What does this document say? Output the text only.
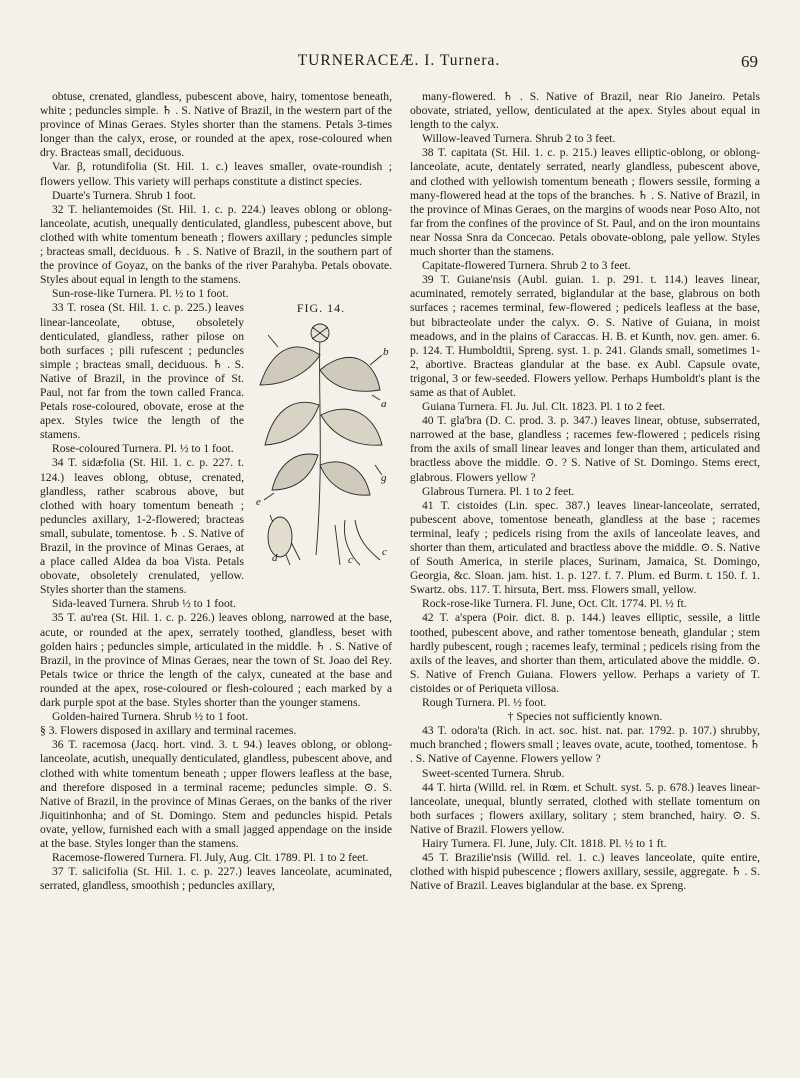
TURNERACEÆ. I. Turnera.	69

obtuse, crenated, glandless, pubescent above, hairy, tomentose beneath, white ; peduncles simple. ♄ . S. Native of Brazil, in the western part of the province of Minas Geraes. Styles shorter than the stamens. Petals 3-times longer than the calyx, erose, or rounded at the apex, rose-coloured when dry. Bracteas small, deciduous.

Var. β, rotundifolia (St. Hil. 1. c.) leaves smaller, ovate-roundish ; flowers yellow. This variety will perhaps constitute a distinct species.

Duarte's Turnera. Shrub 1 foot.

32 T. heliantemoides (St. Hil. 1. c. p. 224.) leaves oblong or oblong-lanceolate, acutish, unequally denticulated, glandless, pubescent above, but clothed with white tomentum beneath ; flowers axillary ; peduncles simple ; bracteas small, deciduous. ♄ . S. Native of Brazil, in the southern part of the province of Goyaz, on the banks of the river Parahyba. Petals obovate. Styles about equal in length to the stamens.

Sun-rose-like Turnera. Pl. ½ to 1 foot.

FIG. 14.
b
a
g
e
d	c
c

33 T. rosea (St. Hil. 1. c. p. 225.) leaves linear-lanceolate, obtuse, obsoletely denticulated, glandless, rather pilose on both surfaces ; pili rufescent ; peduncles simple ; bracteas small, deciduous. ♄ . S. Native of Brazil, in the province of St. Paul, not far from the town called Franca. Petals rose-coloured, obovate, erose at the apex. Styles twice the length of the stamens.

Rose-coloured Turnera. Pl. ½ to 1 foot.

34 T. sidæfolia (St. Hil. 1. c. p. 227. t. 124.) leaves oblong, obtuse, crenated, glandless, rather scabrous above, but clothed with hoary tomentum beneath ; peduncles axillary, 1-2-flowered; bracteas small, subulate, tomentose. ♄ . S. Native of Brazil, in the province of Minas Geraes, at a place called Aldea da boa Vista. Petals obovate, obsoletely crenulated, yellow. Styles shorter than the stamens.

Sida-leaved Turnera. Shrub ½ to 1 foot.

35 T. au'rea (St. Hil. 1. c. p. 226.) leaves oblong, narrowed at the base, acute, or rounded at the apex, serrately toothed, glandless, beset with golden hairs ; peduncles simple, articulated in the middle. ♄ . S. Native of Brazil, in the province of Minas Geraes, near the town of St. Joao del Rey. Petals twice or thrice the length of the calyx, cuneated at the base and rounded at the apex, rose-coloured or flesh-coloured ; each marked by a dark purple spot at the base. Styles shorter than the younger stamens.

Golden-haired Turnera. Shrub ½ to 1 foot.

§ 3. Flowers disposed in axillary and terminal racemes.

36 T. racemosa (Jacq. hort. vind. 3. t. 94.) leaves oblong, or oblong-lanceolate, acutish, unequally denticulated, glandless, pubescent above, and clothed with white tomentum beneath ; upper flowers leafless at the base, and therefore disposed in a terminal raceme; peduncles simple. ⊙. S. Native of Brazil, in the province of Minas Geraes, on the banks of the river Jiquitinhonha; and of St. Domingo. Stem and peduncles hispid. Petals ovate, yellow, furnished each with a small jagged appendage on the inside at the base. Styles longer than the stamens.

Racemose-flowered Turnera. Fl. July, Aug. Clt. 1789. Pl. 1 to 2 feet.

37 T. salicifolia (St. Hil. 1. c. p. 227.) leaves lanceolate, acuminated, serrated, glandless, smoothish ; peduncles axillary,

many-flowered. ♄ . S. Native of Brazil, near Rio Janeiro. Petals obovate, striated, yellow, denticulated at the apex. Styles about equal in length to the calyx.

Willow-leaved Turnera. Shrub 2 to 3 feet.

38 T. capitata (St. Hil. 1. c. p. 215.) leaves elliptic-oblong, or oblong-lanceolate, acute, dentately serrated, nearly glandless, pubescent above, and clothed with yellowish tomentum beneath ; flowers sessile, forming a many-flowered head at the tops of the branches. ♄ . S. Native of Brazil, in the province of Minas Geraes, on the margins of woods near Poso Alto, not far from the confines of the province of St. Paul, and on the iron mountains near Nossa Snra da Concecao. Petals obovate-oblong, pale yellow. Styles much shorter than the stamens.

Capitate-flowered Turnera. Shrub 2 to 3 feet.

39 T. Guiane'nsis (Aubl. guian. 1. p. 291. t. 114.) leaves linear, acuminated, remotely serrated, biglandular at the base, glabrous on both surfaces ; racemes terminal, few-flowered ; pedicels leafless at the base, but bibracteolate under the calyx. ⊙. S. Native of Guiana, in moist meadows, and in the plains of Caraccas. H. B. et Kunth, nov. gen. amer. 6. p. 124. T. Humboldtii, Spreng. syst. 1. p. 241. Glands small, sometimes 1-2, abortive. Bracteas glandular at the base. ex Aubl. Capsule ovate, trigonal, 3 or few-seeded. Flowers yellow. Perhaps Humboldt's plant is the same as that of Aublet.

Guiana Turnera. Fl. Ju. Jul. Clt. 1823. Pl. 1 to 2 feet.

40 T. gla'bra (D. C. prod. 3. p. 347.) leaves linear, obtuse, subserrated, narrowed at the base, glandless ; racemes few-flowered ; pedicels rising from the axils of small linear leaves and longer than them, articulated and bractless above the middle. ⊙. ? S. Native of St. Domingo. Stems erect, glabrous. Flowers yellow ?

Glabrous Turnera. Pl. 1 to 2 feet.

41 T. cistoides (Lin. spec. 387.) leaves linear-lanceolate, serrated, pubescent above, tomentose beneath, glandless at the base ; racemes terminal, leafy ; pedicels rising from the axils of lanceolate leaves, and shorter than them, articulated and bractless above the middle. ⊙. S. Native of South America, in sterile places, Surinam, Jamaica, St. Domingo, Georgia, &c. Sloan. jam. hist. 1. p. 127. f. 7. Plum. ed Burm. t. 150. f. 1. Swartz. obs. 117. T. hirsuta, Bert. mss. Flowers small, yellow.

Rock-rose-like Turnera. Fl. June, Oct. Clt. 1774. Pl. ½ ft.

42 T. a'spera (Poir. dict. 8. p. 144.) leaves elliptic, sessile, a little toothed, pubescent above, and rather tomentose beneath, glandular ; stem hardly pubescent, rough ; racemes leafy, terminal ; pedicels rising from the axils of the leaves, and shorter than them, articulated above the middle. ⊙. S. Native of French Guiana. Flowers yellow. Perhaps a variety of T. cistoides or of Periqueta villosa.

Rough Turnera. Pl. ½ foot.

† Species not sufficiently known.

43 T. odora'ta (Rich. in act. soc. hist. nat. par. 1792. p. 107.) shrubby, much branched ; flowers small ; leaves ovate, acute, toothed, tomentose. ♄ . S. Native of Cayenne. Flowers yellow ?

Sweet-scented Turnera. Shrub.

44 T. hirta (Willd. rel. in Rœm. et Schult. syst. 5. p. 678.) leaves linear-lanceolate, unequal, bluntly serrated, clothed with stellate tomentum on both surfaces ; flowers axillary, solitary ; stem branched, hairy. ⊙. S. Native of Brazil. Flowers yellow.

Hairy Turnera. Fl. June, July. Clt. 1818. Pl. ½ to 1 ft.

45 T. Brazilie'nsis (Willd. rel. 1. c.) leaves lanceolate, quite entire, clothed with hispid pubescence ; flowers axillary, sessile, aggregate. ♄ . S. Native of Brazil. Leaves biglandular at the base. ex Spreng.
